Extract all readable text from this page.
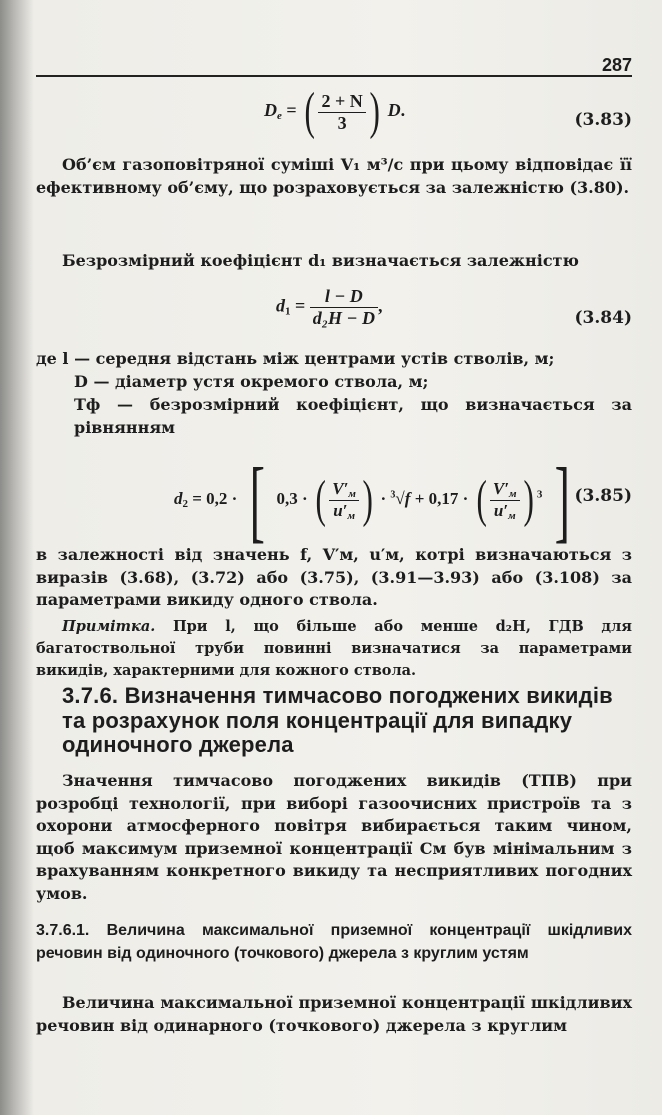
287
De = ( $\frac{2 + N}{3}$ ) D.	(3.83)

Об’єм газоповітряної суміші V₁ м³/с при цьому відповідає її ефективному об’єму, що розраховується за залежністю (3.80).

Безрозмірний коефіцієнт d₁ визначається залежністю

$d1 = \frac{l - D}{\text{d₂H − D}}$ ,
(3.84)

де l — середня відстань між центрами устів стволів, м;

D — діаметр устя окремого ствола, м;

Tф — безрозмірний коефіцієнт, що визначається за рівнянням

d2 = 0,2 · [ 0,3 · ( $\frac{V'м}{u'м}$ ) · $^3$√f + 0,17 · ( $\frac{V'м}{u'м}$ ) $^3$ ] (3.85)

в залежності від значень f, V′м, u′м, котрі визначаються з виразів (3.68), (3.72) або (3.75), (3.91—3.93) або (3.108) за параметрами викиду одного ствола.

Примітка. При l, що більше або менше d₂H, ГДВ для багатоствольної труби повинні визначатися за параметрами викидів, характерними для кожного ствола.

3.7.6. Визначення тимчасово погоджених викидів та розрахунок поля концентрації для випадку одиночного джерела

Значення тимчасово погоджених викидів (ТПВ) при розробці технології, при виборі газоочисних пристроїв та з охорони атмосферного повітря вибирається таким чином, щоб максимум приземної концентрації Cм був мінімальним з врахуванням конкретного викиду та несприятливих погодних умов.

3.7.6.1. Величина максимальної приземної концентрації шкідливих речовин від одиночного (точкового) джерела з круглим устям

Величина максимальної приземної концентрації шкідливих речовин від одинарного (точкового) джерела з круглим
